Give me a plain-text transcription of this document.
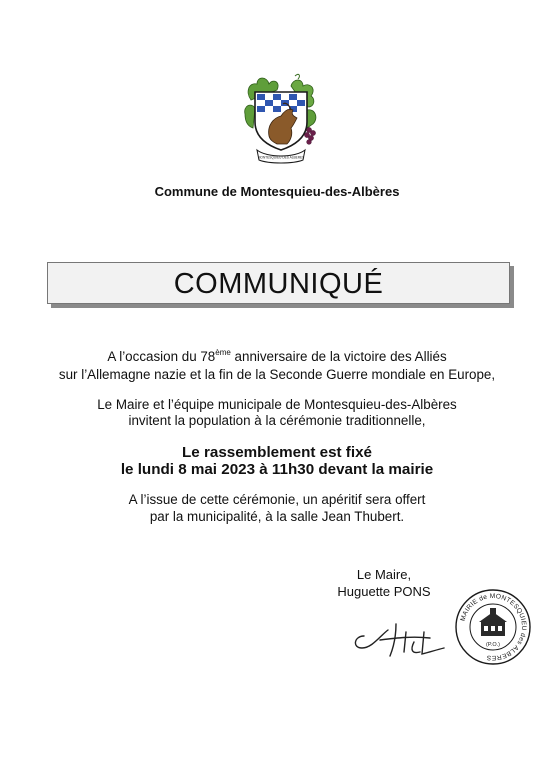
MONTESQUIEU DES ALBERES
Commune de Montesquieu-des-Albères
COMMUNIQUÉ
A l’occasion du 78ème anniversaire de la victoire des Alliés
sur l’Allemagne nazie et la fin de la Seconde Guerre mondiale en Europe,
Le Maire et l’équipe municipale de Montesquieu-des-Albères
invitent la population à la cérémonie traditionnelle,
Le rassemblement est fixé
le lundi 8 mai 2023 à 11h30 devant la mairie
A l’issue de cette cérémonie, un apéritif sera offert
par la municipalité, à la salle Jean Thubert.
Le Maire,
Huguette PONS
MAIRIE de MONTESQUIEU des ALBERES
(P.O.)
